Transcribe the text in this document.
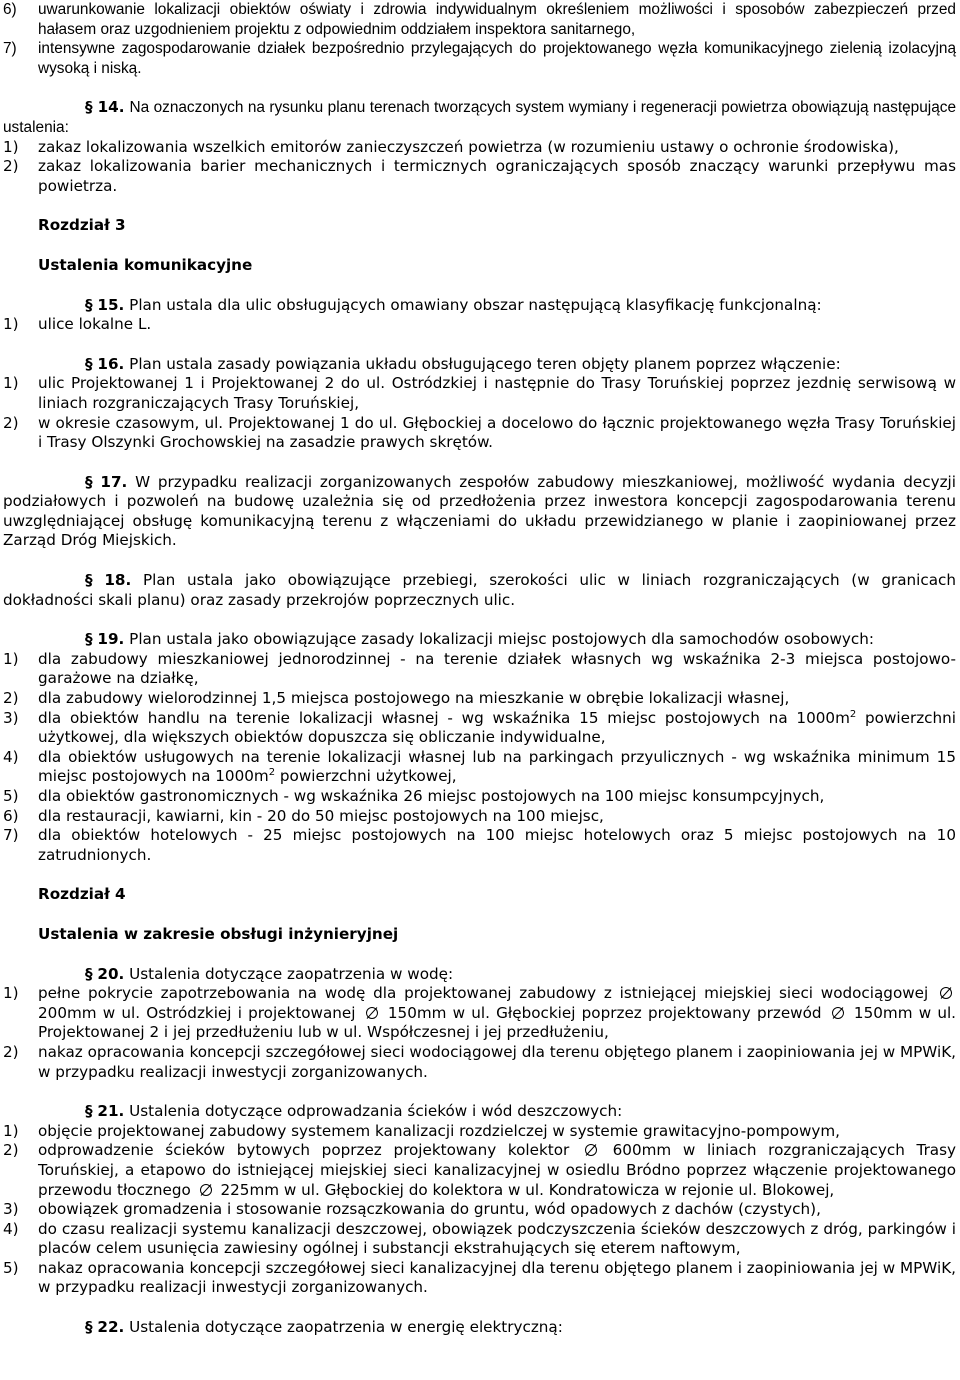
6) uwarunkowanie lokalizacji obiektów oświaty i zdrowia indywidualnym określeniem możliwości i sposobów zabezpieczeń przed hałasem oraz uzgodnieniem projektu z odpowiednim oddziałem inspektora sanitarnego,
7) intensywne zagospodarowanie działek bezpośrednio przylegających do projektowanego węzła komunikacyjnego zielenią izolacyjną wysoką i niską.

§ 14. Na oznaczonych na rysunku planu terenach tworzących system wymiany i regeneracji powietrza obowiązują następujące ustalenia:

1) zakaz lokalizowania wszelkich emitorów zanieczyszczeń powietrza (w rozumieniu ustawy o ochronie środowiska),
2) zakaz lokalizowania barier mechanicznych i termicznych ograniczających sposób znaczący warunki przepływu mas powietrza.
Rozdział 3
Ustalenia komunikacyjne

§ 15. Plan ustala dla ulic obsługujących omawiany obszar następującą klasyfikację funkcjonalną:

1) ulice lokalne L.

§ 16. Plan ustala zasady powiązania układu obsługującego teren objęty planem poprzez włączenie:

1) ulic Projektowanej 1 i Projektowanej 2 do ul. Ostródzkiej i następnie do Trasy Toruńskiej poprzez jezdnię serwisową w liniach rozgraniczających Trasy Toruńskiej,
2) w okresie czasowym, ul. Projektowanej 1 do ul. Głębockiej a docelowo do łącznic projektowanego węzła Trasy Toruńskiej i Trasy Olszynki Grochowskiej na zasadzie prawych skrętów.

§ 17. W przypadku realizacji zorganizowanych zespołów zabudowy mieszkaniowej, możliwość wydania decyzji podziałowych i pozwoleń na budowę uzależnia się od przedłożenia przez inwestora koncepcji zagospodarowania terenu uwzględniającej obsługę komunikacyjną terenu z włączeniami do układu przewidzianego w planie i zaopiniowanej przez Zarząd Dróg Miejskich.

§ 18. Plan ustala jako obowiązujące przebiegi, szerokości ulic w liniach rozgraniczających (w granicach dokładności skali planu) oraz zasady przekrojów poprzecznych ulic.

§ 19. Plan ustala jako obowiązujące zasady lokalizacji miejsc postojowych dla samochodów osobowych:

1) dla zabudowy mieszkaniowej jednorodzinnej - na terenie działek własnych wg wskaźnika 2-3 miejsca postojowo-garażowe na działkę,
2) dla zabudowy wielorodzinnej 1,5 miejsca postojowego na mieszkanie w obrębie lokalizacji własnej,
3) dla obiektów handlu na terenie lokalizacji własnej - wg wskaźnika 15 miejsc postojowych na $1000m^2$ powierzchni użytkowej, dla większych obiektów dopuszcza się obliczanie indywidualne,
4) dla obiektów usługowych na terenie lokalizacji własnej lub na parkingach przyulicznych - wg wskaźnika minimum 15 miejsc postojowych na $1000m^2$ powierzchni użytkowej,
5) dla obiektów gastronomicznych - wg wskaźnika 26 miejsc postojowych na 100 miejsc konsumpcyjnych,
6) dla restauracji, kawiarni, kin - 20 do 50 miejsc postojowych na 100 miejsc,
7) dla obiektów hotelowych - 25 miejsc postojowych na 100 miejsc hotelowych oraz 5 miejsc postojowych na 10 zatrudnionych.
Rozdział 4
Ustalenia w zakresie obsługi inżynieryjnej

§ 20. Ustalenia dotyczące zaopatrzenia w wodę:

1) pełne pokrycie zapotrzebowania na wodę dla projektowanej zabudowy z istniejącej miejskiej sieci wodociągowej  200mm w ul. Ostródzkiej i projektowanej 150mm w ul. Głębockiej poprzez projektowany przewód 150mm w ul. Projektowanej 2 i jej przedłużeniu lub w ul. Współczesnej i jej przedłużeniu,
2) nakaz opracowania koncepcji szczegółowej sieci wodociągowej dla terenu objętego planem i zaopiniowania jej w MPWiK, w przypadku realizacji inwestycji zorganizowanych.

§ 21. Ustalenia dotyczące odprowadzania ścieków i wód deszczowych:

1) objęcie projektowanej zabudowy systemem kanalizacji rozdzielczej w systemie grawitacyjno-pompowym,
2) odprowadzenie ścieków bytowych poprzez projektowany kolektor	600mm w liniach rozgraniczających Trasy Toruńskiej, a etapowo do istniejącej miejskiej sieci kanalizacyjnej w osiedlu Bródno poprzez włączenie projektowanego przewodu tłocznego 225mm w ul. Głębockiej do kolektora w ul. Kondratowicza w rejonie ul. Blokowej,
3) obowiązek gromadzenia i stosowanie rozsączkowania do gruntu, wód opadowych z dachów (czystych),
4) do czasu realizacji systemu kanalizacji deszczowej, obowiązek podczyszczenia ścieków deszczowych z dróg, parkingów i placów celem usunięcia zawiesiny ogólnej i substancji ekstrahujących się eterem naftowym,
5) nakaz opracowania koncepcji szczegółowej sieci kanalizacyjnej dla terenu objętego planem i zaopiniowania jej w MPWiK, w przypadku realizacji inwestycji zorganizowanych.

§ 22. Ustalenia dotyczące zaopatrzenia w energię elektryczną:
